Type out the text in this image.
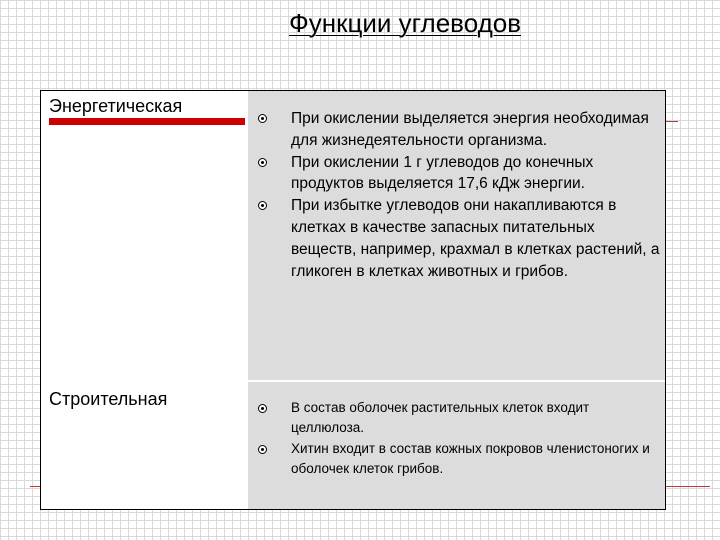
Функции углеводов
Энергетическая
При окислении выделяется энергия необходимая для жизнедеятельности организма.
При окислении 1 г углеводов до конечных продуктов выделяется 17,6 кДж энергии.
При избытке углеводов они накапливаются в клетках в качестве запасных питательных веществ, например, крахмал в клетках растений, а гликоген в клетках животных и грибов.
Строительная	В состав оболочек растительных клеток входит целлюлоза.
Хитин входит в состав кожных покровов членистоногих и оболочек клеток грибов.
